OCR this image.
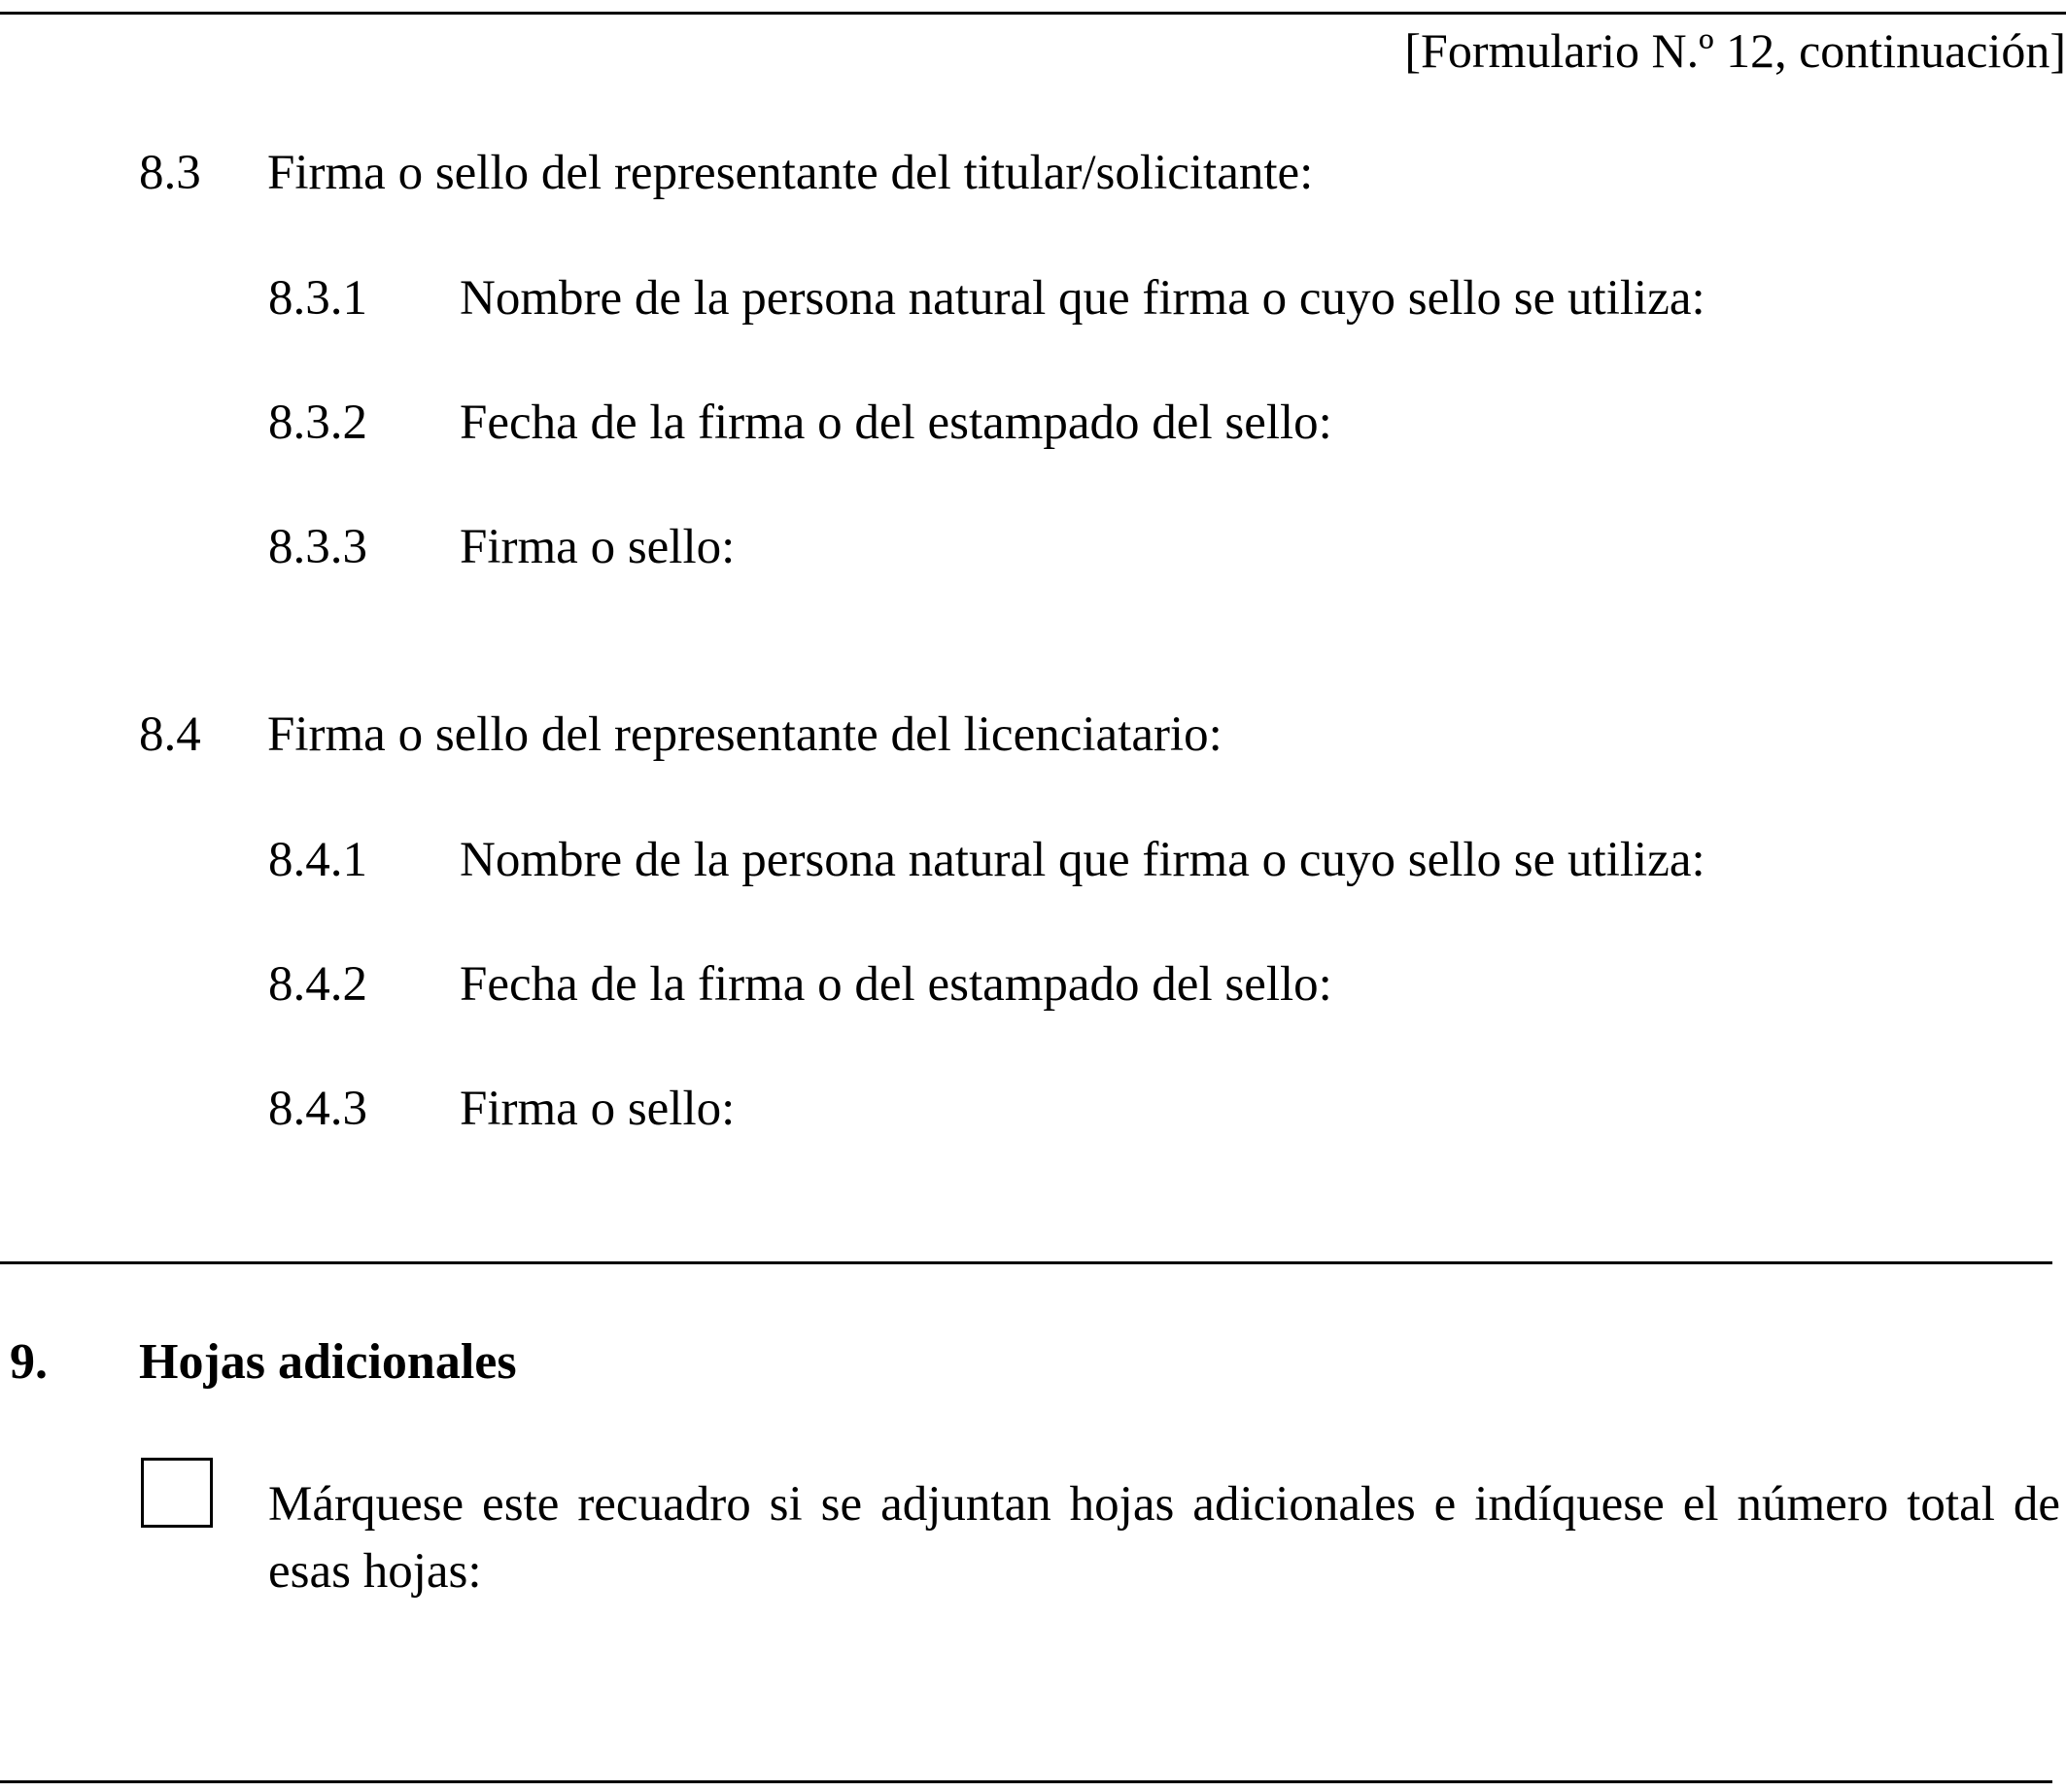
[Formulario N.º 12, continuación]
8.3 Firma o sello del representante del titular/solicitante:
8.3.1 Nombre de la persona natural que firma o cuyo sello se utiliza:
8.3.2 Fecha de la firma o del estampado del sello:
8.3.3 Firma o sello:
8.4 Firma o sello del representante del licenciatario:
8.4.1 Nombre de la persona natural que firma o cuyo sello se utiliza:
8.4.2 Fecha de la firma o del estampado del sello:
8.4.3 Firma o sello:
9. Hojas adicionales
Márquese este recuadro si se adjuntan hojas adicionales e indíquese el número total de esas hojas:
